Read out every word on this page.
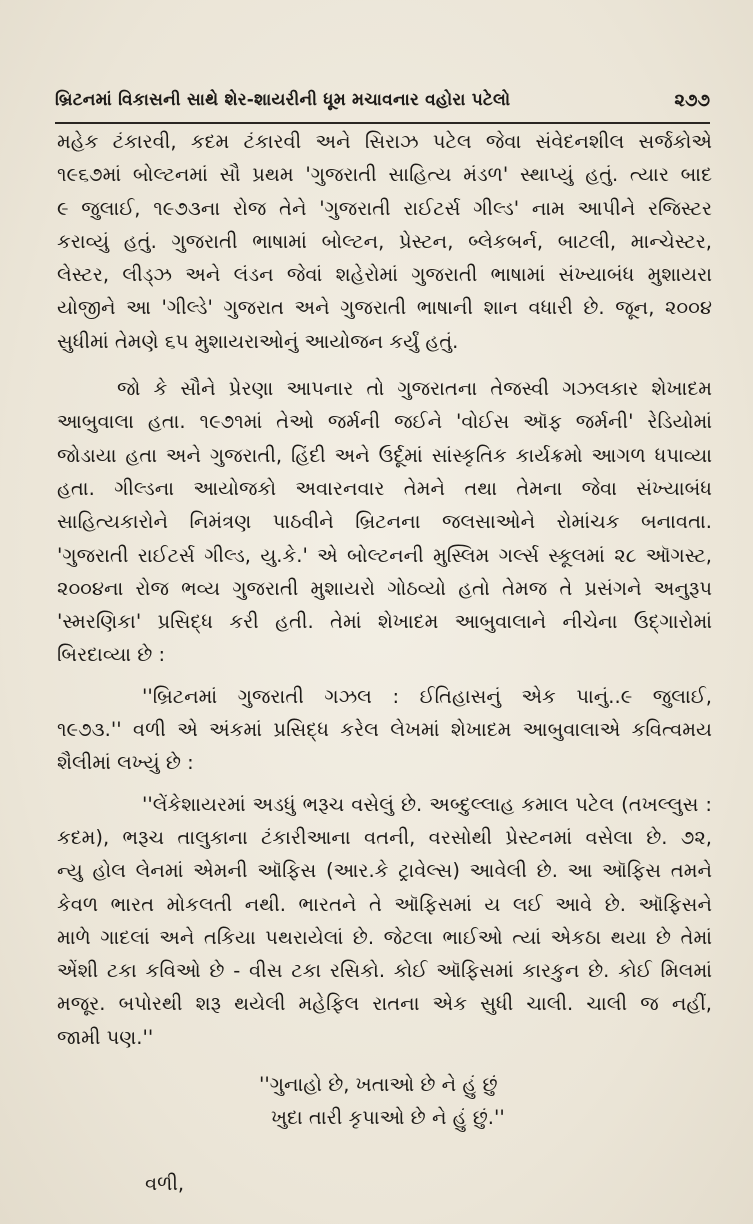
બ્રિટનમાં વિકાસની સાથે શેર-શાયરીની ધૂમ મચાવનાર વહોરા પટેલો	૨૭૭
મહેક ટંકારવી, કદમ ટંકારવી અને સિરાઝ પટેલ જેવા સંવેદનશીલ સર્જકોએ
૧૯૬૭માં બોલ્ટનમાં સૌ પ્રથમ 'ગુજરાતી સાહિત્ય મંડળ' સ્થાપ્યું હતું. ત્યાર બાદ
૯ જુલાઈ, ૧૯૭૩ના રોજ તેને 'ગુજરાતી રાઈટર્સ ગીલ્ડ' નામ આપીને રજિસ્ટર
કરાવ્યું હતું. ગુજરાતી ભાષામાં બોલ્ટન, પ્રેસ્ટન, બ્લેકબર્ન, બાટલી, માન્ચેસ્ટર,
લેસ્ટર, લીડ્ઝ અને લંડન જેવાં શહેરોમાં ગુજરાતી ભાષામાં સંખ્યાબંધ મુશાયરા
યોજીને આ 'ગીલ્ડે' ગુજરાત અને ગુજરાતી ભાષાની શાન વધારી છે. જૂન, ૨૦૦૪
સુધીમાં તેમણે ૬૫ મુશાયરાઓનું આયોજન કર્યું હતું.
જો કે સૌને પ્રેરણા આપનાર તો ગુજરાતના તેજસ્વી ગઝલકાર શેખાદમ
આબુવાલા હતા. ૧૯૭૧માં તેઓ જર્મની જઈને 'વોઈસ ઑફ જર્મની' રેડિયોમાં
જોડાયા હતા અને ગુજરાતી, હિંદી અને ઉર્દૂમાં સાંસ્કૃતિક કાર્યક્રમો આગળ ધપાવ્યા
હતા. ગીલ્ડના આયોજકો અવારનવાર તેમને તથા તેમના જેવા સંખ્યાબંધ
સાહિત્યકારોને નિમંત્રણ પાઠવીને બ્રિટનના જલસાઓને રોમાંચક બનાવતા.
'ગુજરાતી રાઈટર્સ ગીલ્ડ, યુ.કે.' એ બોલ્ટનની મુસ્લિમ ગર્લ્સ સ્કૂલમાં ૨૮ ઑગસ્ટ,
૨૦૦૪ના રોજ ભવ્ય ગુજરાતી મુશાયરો ગોઠવ્યો હતો તેમજ તે પ્રસંગને અનુરૂપ
'સ્મરણિકા' પ્રસિદ્ધ કરી હતી. તેમાં શેખાદમ આબુવાલાને નીચેના ઉદ્ગારોમાં
બિરદાવ્યા છે :
''બ્રિટનમાં ગુજરાતી ગઝલ : ઈતિહાસનું એક પાનું..૯ જુલાઈ,
૧૯૭૩.'' વળી એ અંકમાં પ્રસિદ્ધ કરેલ લેખમાં શેખાદમ આબુવાલાએ કવિત્વમય
શૈલીમાં લખ્યું છે :
''લેંકેશાયરમાં અડધું ભરૂચ વસેલું છે. અબ્દુલ્લાહ કમાલ પટેલ (તખલ્લુસ :
કદમ), ભરૂચ તાલુકાના ટંકારીઆના વતની, વરસોથી પ્રેસ્ટનમાં વસેલા છે. ૭૨,
ન્યુ હોલ લેનમાં એમની ઑફિસ (આર.કે ટ્રાવેલ્સ) આવેલી છે. આ ઑફિસ તમને
કેવળ ભારત મોકલતી નથી. ભારતને તે ઑફિસમાં ય લઈ આવે છે. ઑફિસને
માળે ગાદલાં અને તકિયા પથરાયેલાં છે. જેટલા ભાઈઓ ત્યાં એકઠા થયા છે તેમાં
એંશી ટકા કવિઓ છે - વીસ ટકા રસિકો. કોઈ ઑફિસમાં કારકુન છે. કોઈ મિલમાં
મજૂર. બપોરથી શરૂ થયેલી મહેફિલ રાતના એક સુધી ચાલી. ચાલી જ નહીં,
જામી પણ.''
''ગુનાહો છે, ખતાઓ છે ને હું છું
ખુદા તારી કૃપાઓ છે ને હું છું.''
વળી,
